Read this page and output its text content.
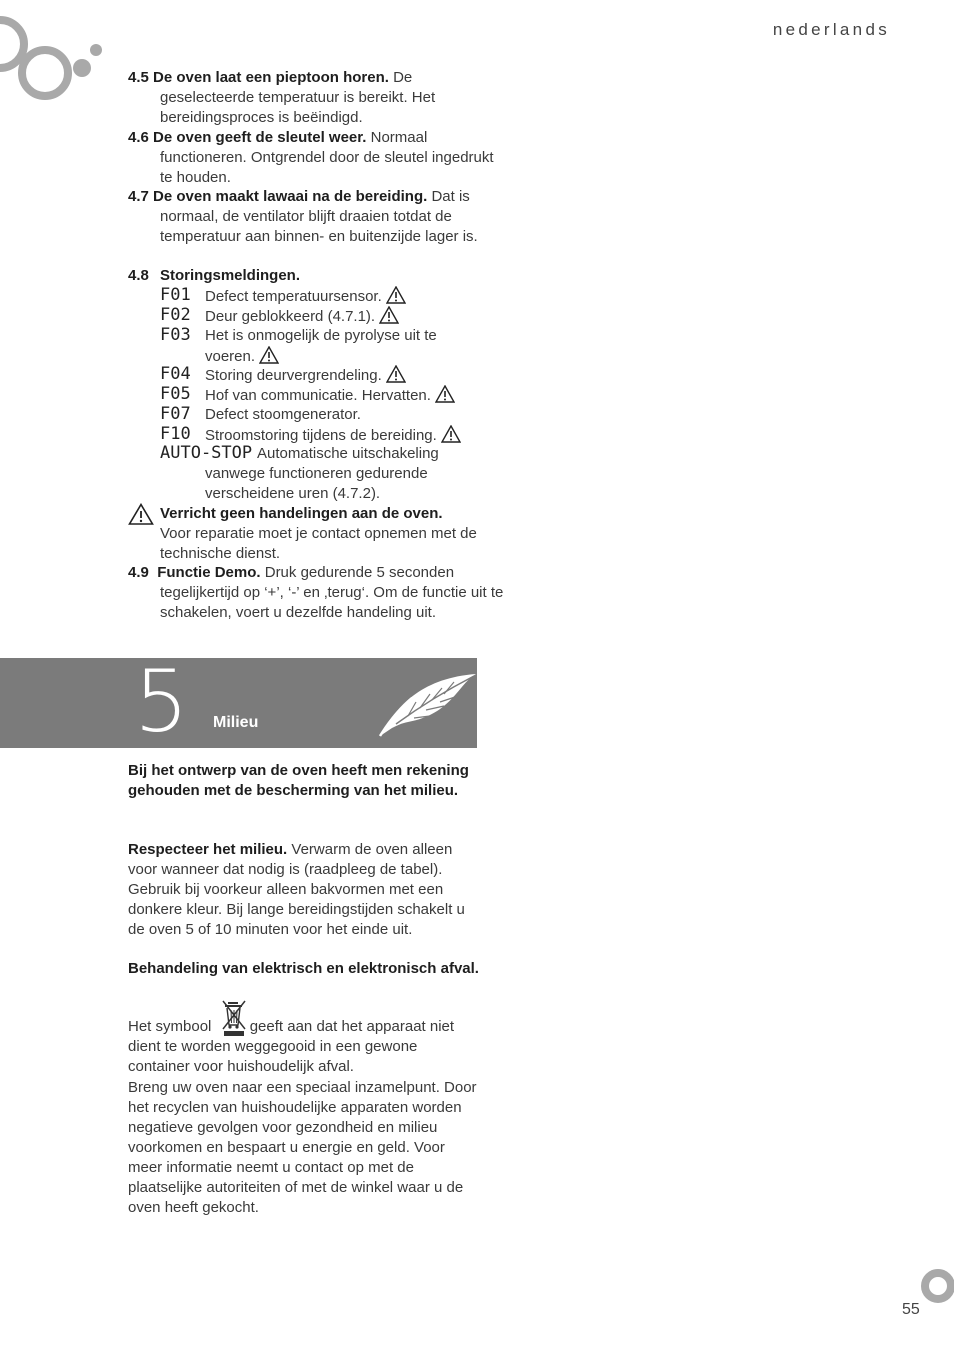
nederlands
4.5 De oven laat een pieptoon horen. De geselecteerde temperatuur is bereikt. Het bereidingsproces is beëindigd.
4.6 De oven geeft de sleutel weer. Normaal functioneren. Ontgrendel door de sleutel ingedrukt te houden.
4.7 De oven maakt lawaai na de bereiding. Dat is normaal, de ventilator blijft draaien totdat de temperatuur aan binnen- en buitenzijde lager is.
4.8 Storingsmeldingen.
F01 Defect temperatuursensor.
F02 Deur geblokkeerd (4.7.1).
F03 Het is onmogelijk de pyrolyse uit te voeren.
F04 Storing deurvergrendeling.
F05 Hof van communicatie. Hervatten.
F07 Defect stoomgenerator.
F10 Stroomstoring tijdens de bereiding.
AUTO-STOP Automatische uitschakeling vanwege functioneren gedurende verscheidene uren (4.7.2).
Verricht geen handelingen aan de oven.
Voor reparatie moet je contact opnemen met de technische dienst.
4.9 Functie Demo. Druk gedurende 5 seconden tegelijkertijd op ‘+’, ‘-’ en ‚terug‘. Om de functie uit te schakelen, voert u dezelfde handeling uit.
5 Milieu
Bij het ontwerp van de oven heeft men rekening gehouden met de bescherming van het milieu.
Respecteer het milieu. Verwarm de oven alleen voor wanneer dat nodig is (raadpleeg de tabel). Gebruik bij voorkeur alleen bakvormen met een donkere kleur. Bij lange bereidingstijden schakelt u de oven 5 of 10 minuten voor het einde uit.
Behandeling van elektrisch en elektronisch afval.
Het symbool	geeft aan dat het apparaat niet dient te worden weggegooid in een gewone container voor huishoudelijk afval.
Breng uw oven naar een speciaal inzamelpunt. Door het recyclen van huishoudelijke apparaten worden negatieve gevolgen voor gezondheid en milieu voorkomen en bespaart u energie en geld. Voor meer informatie neemt u contact op met de plaatselijke autoriteiten of met de winkel waar u de oven heeft gekocht.
55
